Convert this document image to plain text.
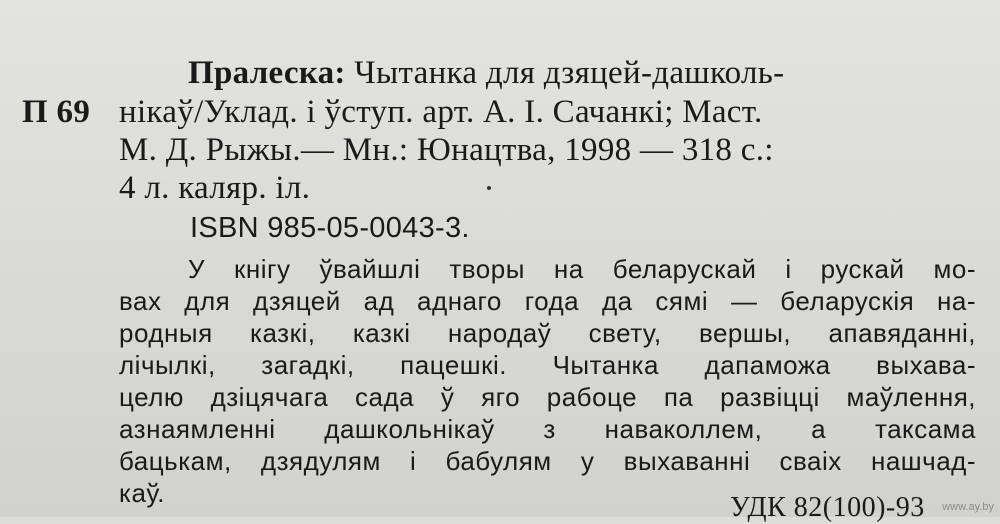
Пралеска: Чытанка для дзяцей-дашколь-
П 69 нікаў/Уклад. і ўступ. арт. А. І. Сачанкі; Маст.
М. Д. Рыжы.— Мн.: Юнацтва, 1998 — 318 с.:
4 л. каляр. іл.
ISBN 985-05-0043-3.
У кнігу ўвайшлі творы на беларускай і рускай мо-
вах для дзяцей ад аднаго года да сямі — беларускія на-
родныя казкі, казкі народаў свету, вершы, апавяданні,
лічылкі, загадкі, пацешкі. Чытанка дапаможа выхава-
целю дзіцячага сада ў яго рабоце па развіцці маўлення,
азнаямленні дашкольнікаў з наваколлем, а таксама
бацькам, дзядулям і бабулям у выхаванні сваіх нашчад-
каў.	УДК 82(100)-93 www.ay.by
